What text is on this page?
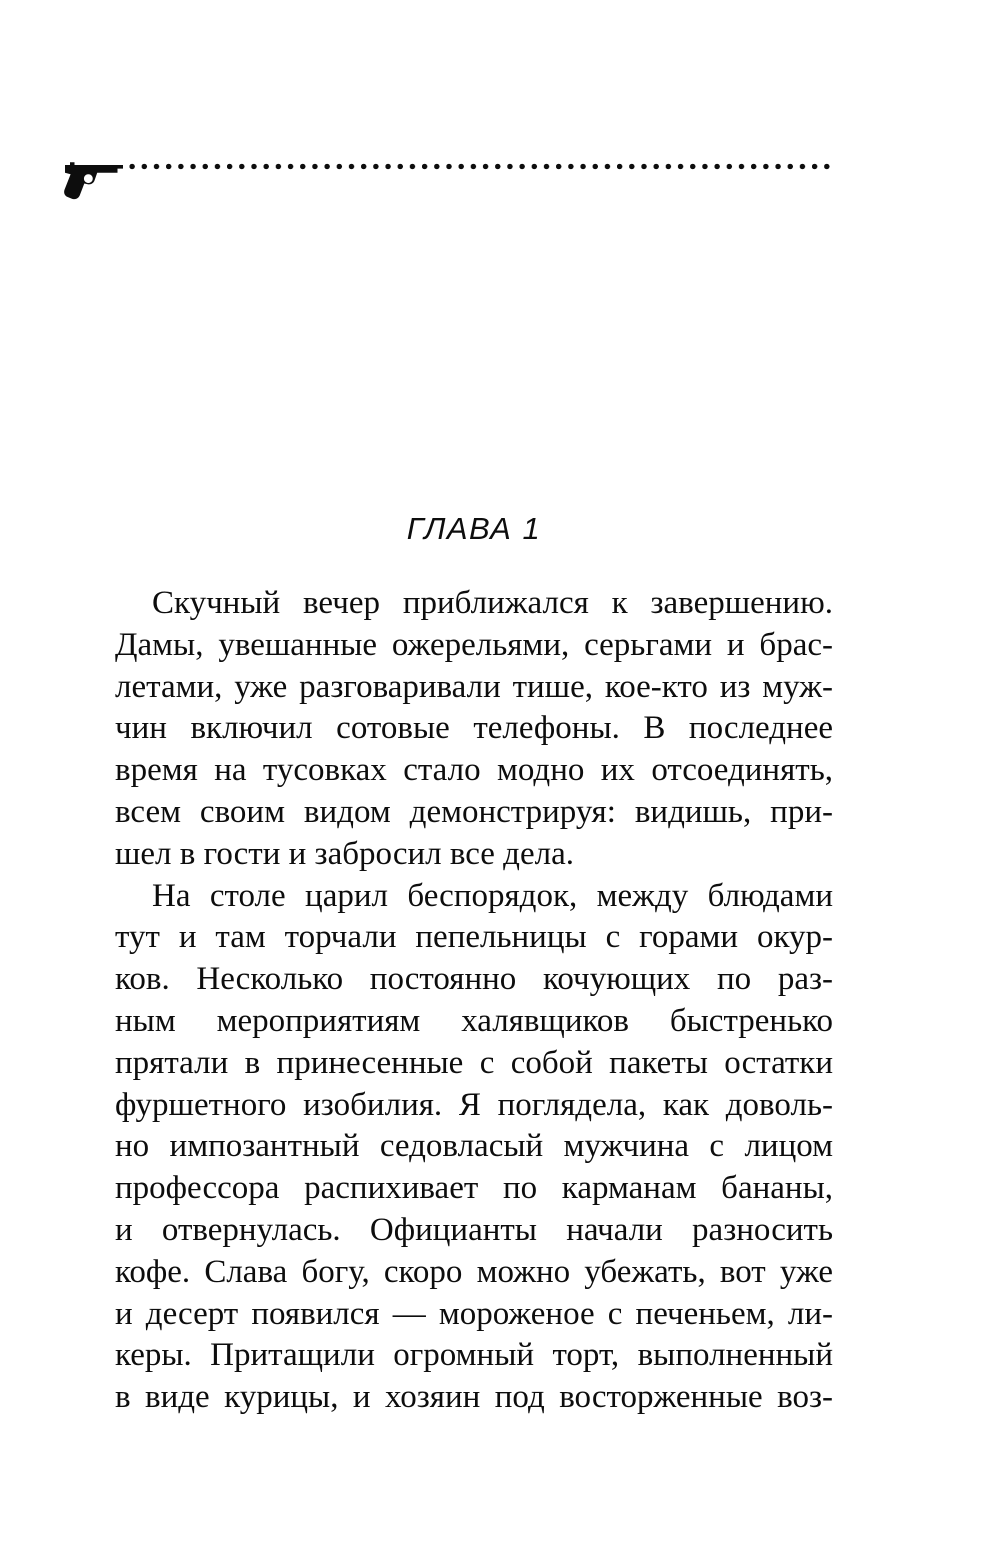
ГЛАВА 1
Скучный вечер приближался к завершению.
Дамы, увешанные ожерельями, серьгами и брас-
летами, уже разговаривали тише, кое-кто из муж-
чин включил сотовые телефоны. В последнее
время на тусовках стало модно их отсоединять,
всем своим видом демонстрируя: видишь, при-
шел в гости и забросил все дела.
На столе царил беспорядок, между блюдами
тут и там торчали пепельницы с горами окур-
ков. Несколько постоянно кочующих по раз-
ным мероприятиям халявщиков быстренько
прятали в принесенные с собой пакеты остатки
фуршетного изобилия. Я поглядела, как доволь-
но импозантный седовласый мужчина с лицом
профессора распихивает по карманам бананы,
и отвернулась. Официанты начали разносить
кофе. Слава богу, скоро можно убежать, вот уже
и десерт появился — мороженое с печеньем, ли-
керы. Притащили огромный торт, выполненный
в виде курицы, и хозяин под восторженные воз-
